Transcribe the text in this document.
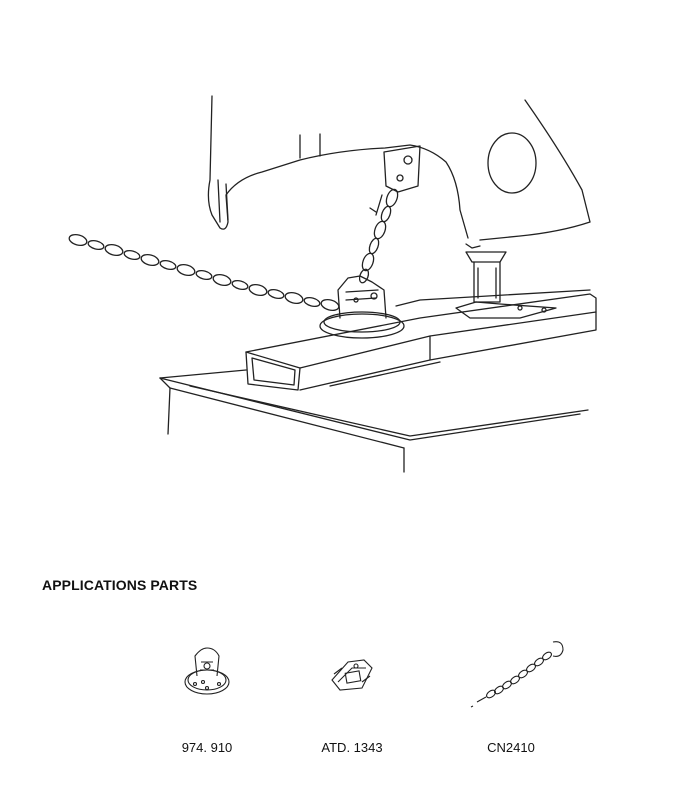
APPLICATIONS PARTS
974. 910	ATD. 1343	CN2410
